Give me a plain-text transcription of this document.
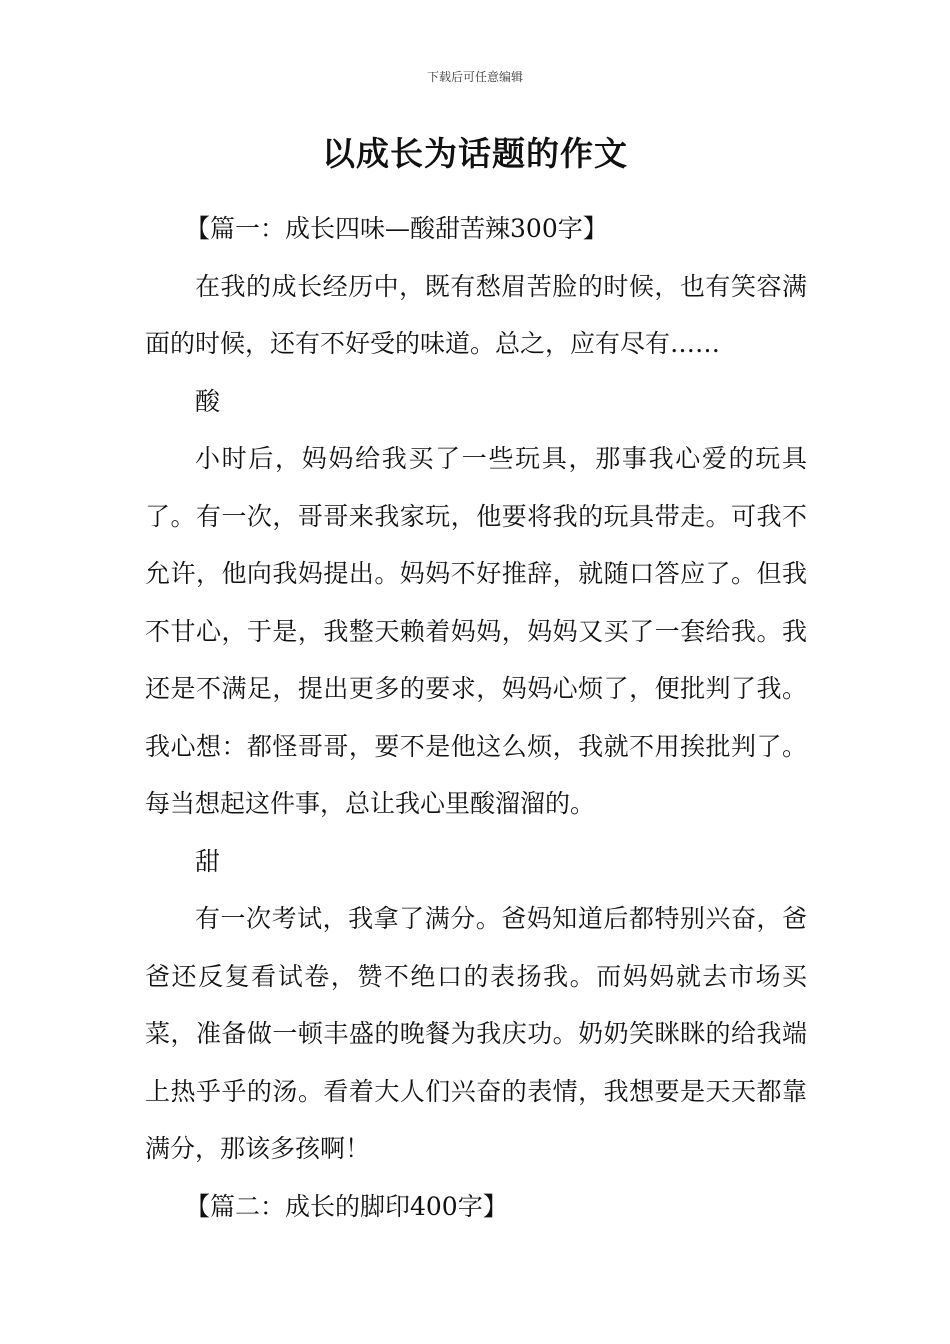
下载后可任意编辑
以成长为话题的作文

【篇一：成长四味—酸甜苦辣300字】

在我的成长经历中，既有愁眉苦脸的时候，也有笑容满面的时候，还有不好受的味道。总之，应有尽有……

酸

小时后，妈妈给我买了一些玩具，那事我心爱的玩具了。有一次，哥哥来我家玩，他要将我的玩具带走。可我不允许，他向我妈提出。妈妈不好推辞，就随口答应了。但我不甘心，于是，我整天赖着妈妈，妈妈又买了一套给我。我还是不满足，提出更多的要求，妈妈心烦了，便批判了我。我心想：都怪哥哥，要不是他这么烦，我就不用挨批判了。每当想起这件事，总让我心里酸溜溜的。

甜

有一次考试，我拿了满分。爸妈知道后都特别兴奋，爸爸还反复看试卷，赞不绝口的表扬我。而妈妈就去市场买菜，准备做一顿丰盛的晚餐为我庆功。奶奶笑眯眯的给我端上热乎乎的汤。看着大人们兴奋的表情，我想要是天天都靠满分，那该多孩啊！

【篇二：成长的脚印400字】
